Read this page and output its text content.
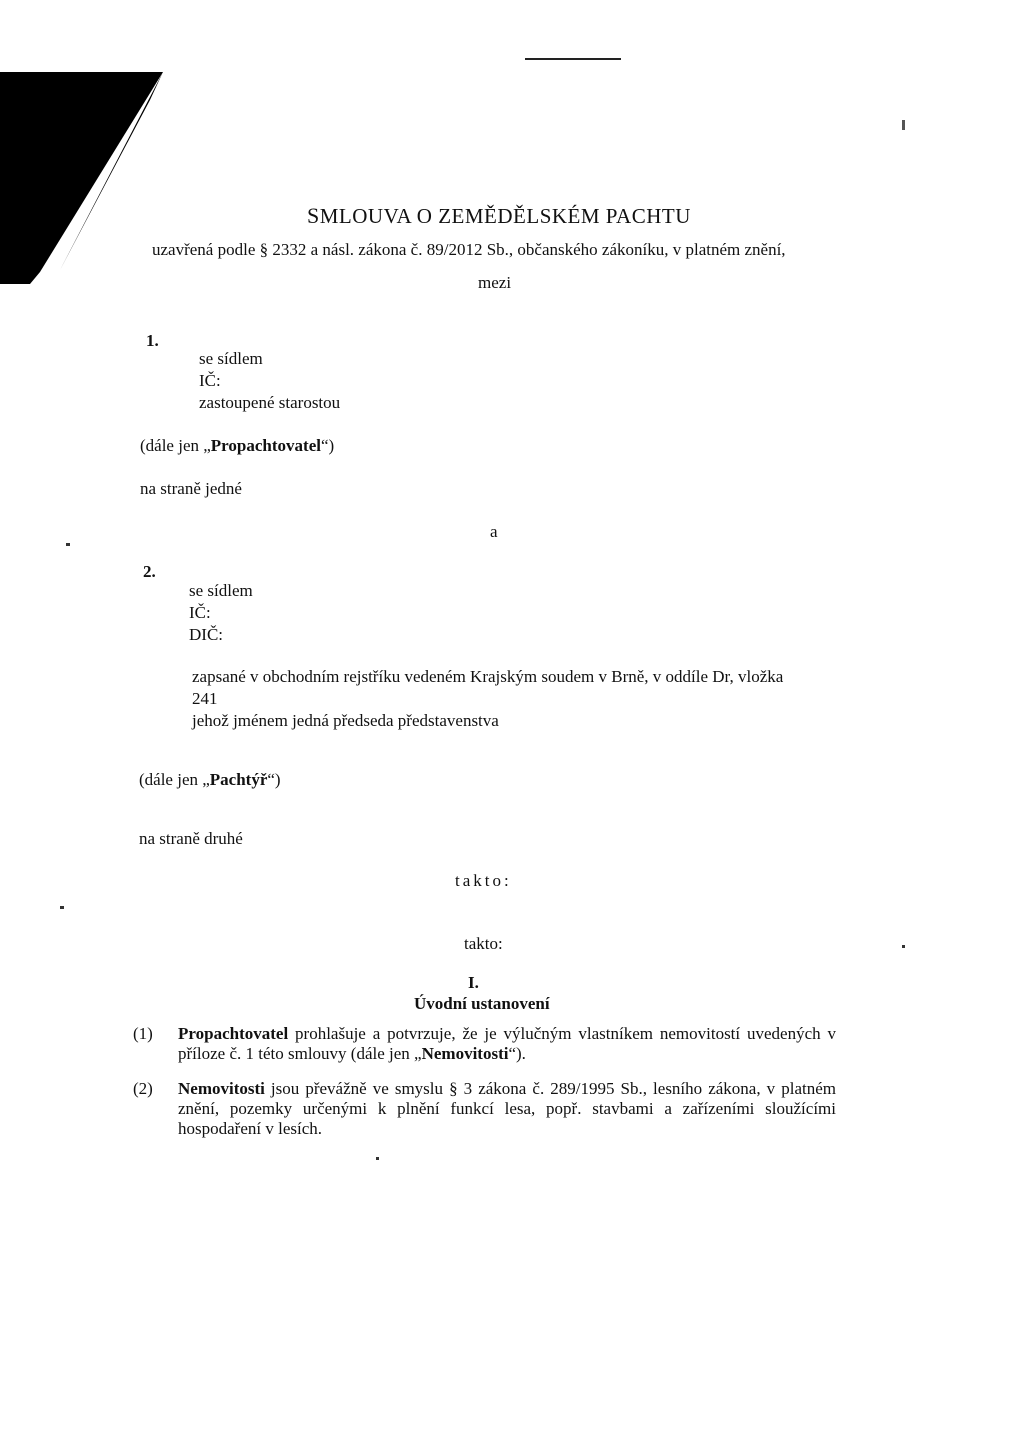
SMLOUVA O ZEMĚDĚLSKÉM PACHTU
uzavřená podle § 2332 a násl. zákona č. 89/2012 Sb., občanského zákoníku, v platném znění,
mezi
1.
se sídlem
IČ:
zastoupené starostou
(dále jen „Propachtovatel“)
na straně jedné
a
2.
se sídlem
IČ:
DIČ:
zapsané v obchodním rejstříku vedeném Krajským soudem v Brně, v oddíle Dr, vložka
241
jehož jménem jedná předseda představenstva
(dále jen „Pachtýř“)
na straně druhé
takto:
takto:
I.
Úvodní ustanovení
(1) Propachtovatel prohlašuje a potvrzuje, že je výlučným vlastníkem nemovitostí uvedených v příloze č. 1 této smlouvy (dále jen „Nemovitosti“).
(2) Nemovitosti jsou převážně ve smyslu § 3 zákona č. 289/1995 Sb., lesního zákona, v platném znění, pozemky určenými k plnění funkcí lesa, popř. stavbami a zařízeními sloužícími hospodaření v lesích.
